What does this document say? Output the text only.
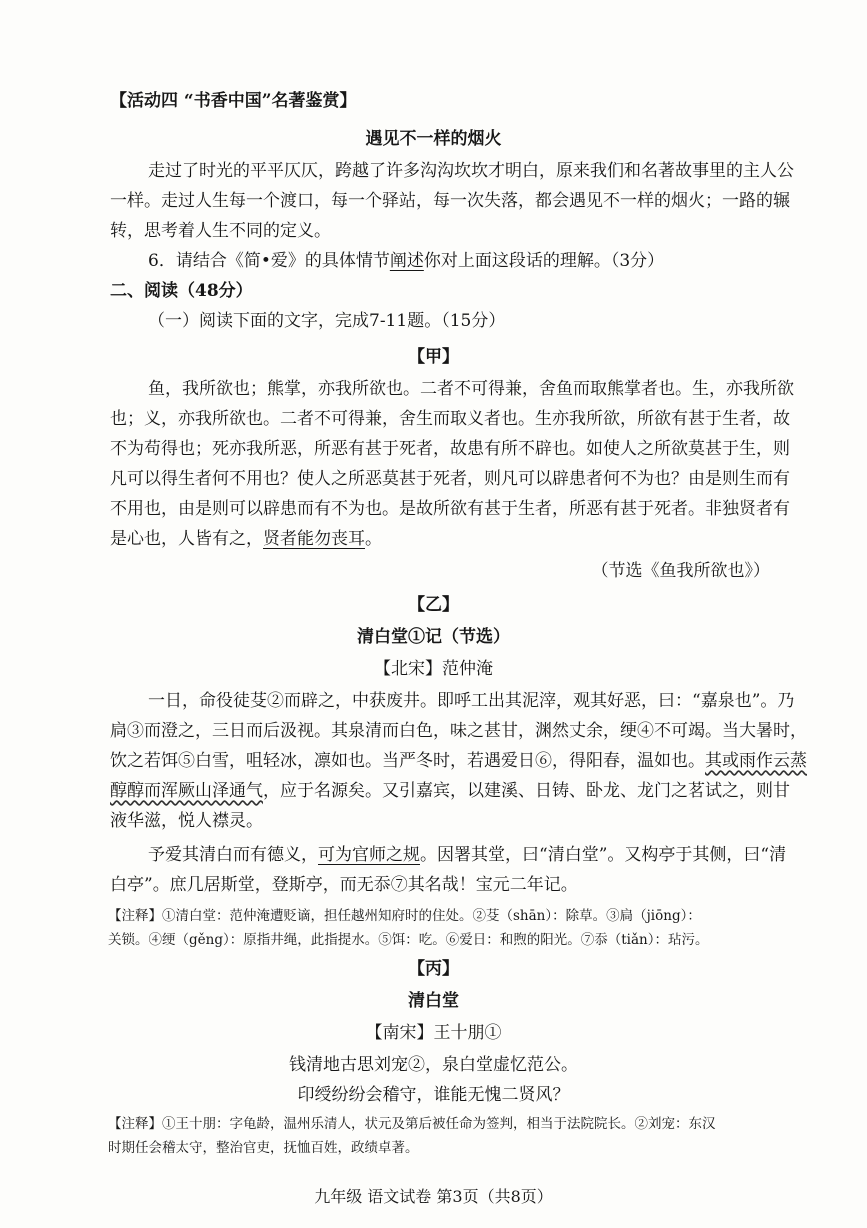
【活动四 “书香中国”名著鉴赏】
遇见不一样的烟火
走过了时光的平平仄仄，跨越了许多沟沟坎坎才明白，原来我们和名著故事里的主人公
一样。走过人生每一个渡口，每一个驿站，每一次失落，都会遇见不一样的烟火；一路的辗
转，思考着人生不同的定义。
6．请结合《简•爱》的具体情节阐述你对上面这段话的理解。（3分）
二、阅读（48分）
（一）阅读下面的文字，完成7-11题。（15分）
【甲】
鱼，我所欲也；熊掌，亦我所欲也。二者不可得兼，舍鱼而取熊掌者也。生，亦我所欲
也；义，亦我所欲也。二者不可得兼，舍生而取义者也。生亦我所欲，所欲有甚于生者，故
不为苟得也；死亦我所恶，所恶有甚于死者，故患有所不辟也。如使人之所欲莫甚于生，则
凡可以得生者何不用也？使人之所恶莫甚于死者，则凡可以辟患者何不为也？由是则生而有
不用也，由是则可以辟患而有不为也。是故所欲有甚于生者，所恶有甚于死者。非独贤者有
是心也，人皆有之，贤者能勿丧耳。
（节选《鱼我所欲也》）
【乙】
清白堂①记（节选）
【北宋】范仲淹
一日，命役徒芟②而辟之，中获废井。即呼工出其泥滓，观其好恶，曰：“嘉泉也”。乃
扃③而澄之，三日而后汲视。其泉清而白色，味之甚甘，渊然丈余，绠④不可竭。当大暑时，
饮之若饵⑤白雪，咀轻冰，凛如也。当严冬时，若遇爱日⑥，得阳春，温如也。其或雨作云蒸
醇醇而浑厥山泽通气，应于名源矣。又引嘉宾，以建溪、日铸、卧龙、龙门之茗试之，则甘
液华滋，悦人襟灵。
予爱其清白而有德义，可为官师之规。因署其堂，曰“清白堂”。又构亭于其侧，曰“清
白亭”。庶几居斯堂，登斯亭，而无忝⑦其名哉！宝元二年记。
【注释】①清白堂：范仲淹遭贬谪，担任越州知府时的住处。②芟（shān）：除草。③扃（jiōng）：
关锁。④绠（gěng）：原指井绳，此指提水。⑤饵：吃。⑥爱日：和煦的阳光。⑦忝（tiǎn）：玷污。
【丙】
清白堂
【南宋】王十朋①
钱清地古思刘宠②，泉白堂虚忆范公。
印绶纷纷会稽守，谁能无愧二贤风？
【注释】①王十朋：字龟龄，温州乐清人，状元及第后被任命为签判，相当于法院院长。②刘宠：东汉
时期任会稽太守，整治官吏，抚恤百姓，政绩卓著。
九年级 语文试卷 第3页（共8页）
